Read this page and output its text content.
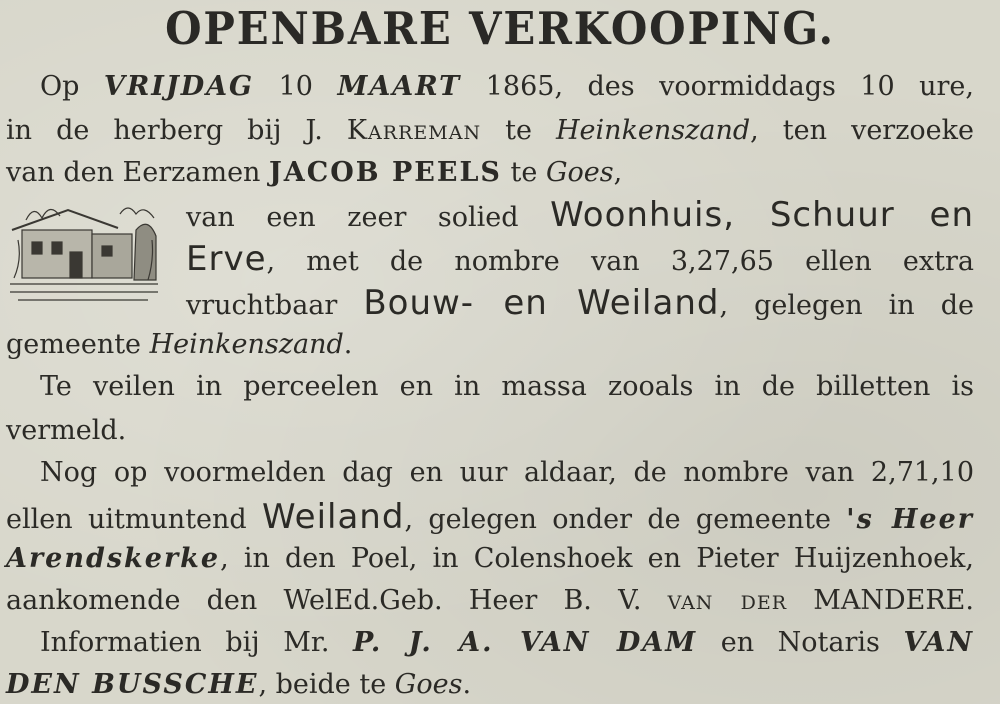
OPENBARE VERKOOPING.
Op VRIJDAG 10 MAART 1865, des voormiddags 10 ure,
in de herberg bij J. Karreman te Heinkenszand, ten verzoeke
van den Eerzamen JACOB PEELS te Goes,
van een zeer solied Woonhuis, Schuur en
Erve, met de nombre van 3,27,65 ellen extra
vruchtbaar Bouw- en Weiland, gelegen in de
gemeente Heinkenszand.
Te veilen in perceelen en in massa zooals in de billetten is
vermeld.
Nog op voormelden dag en uur aldaar, de nombre van 2,71,10
ellen uitmuntend Weiland, gelegen onder de gemeente 's Heer
Arendskerke, in den Poel, in Colenshoek en Pieter Huijzenhoek,
aankomende den WelEd.Geb. Heer B. V. van der MANDERE.
Informatien bij Mr. P. J. A. VAN DAM en Notaris VAN
DEN BUSSCHE, beide te Goes.
